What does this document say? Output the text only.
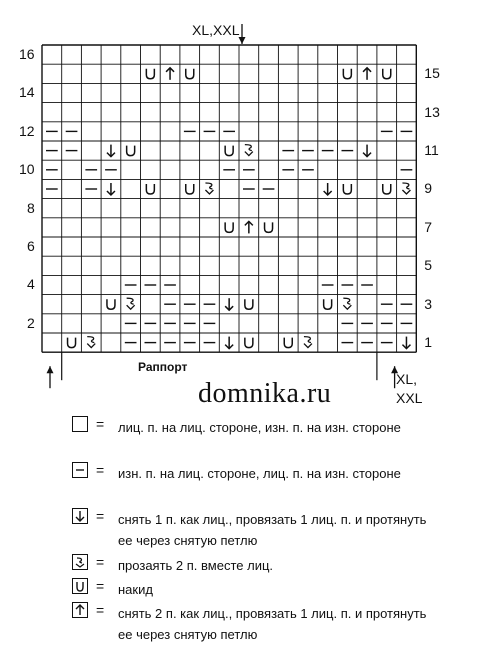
16
14
12
10
8
6
4
2
15
13
11
9
7
5
3
1
XL,XXL
XL,
XXL
Раппорт
domnika.ru
= лиц. п. на лиц. стороне, изн. п. на изн. стороне
= изн. п. на лиц. стороне, лиц. п. на изн. стороне
= снять 1 п. как лиц., провязать 1 лиц. п. и протянуть ее через снятую петлю
= прозаять 2 п. вместе лиц.
= накид
= снять 2 п. как лиц., провязать 1 лиц. п. и протянуть ее через снятую петлю
